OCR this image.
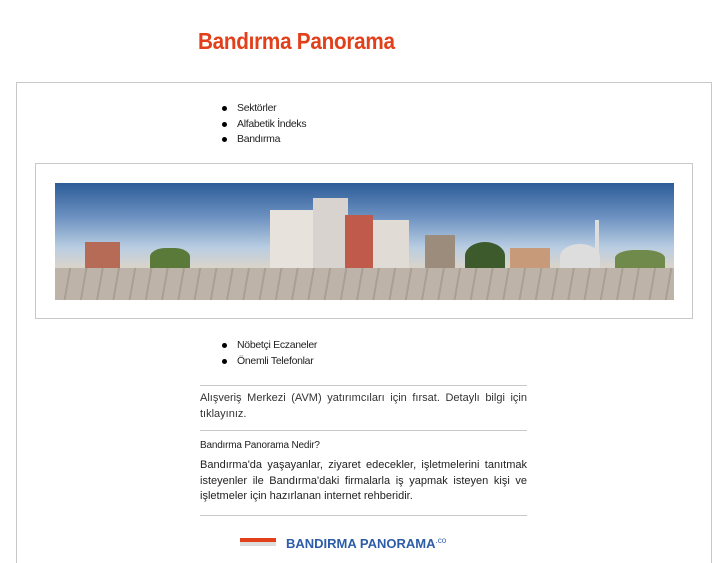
Bandırma Panorama
Sektörler
Alfabetik İndeks
Bandırma
Nöbetçi Eczaneler
Önemli Telefonlar
Alışveriş Merkezi (AVM) yatırımcıları için fırsat. Detaylı bilgi için tıklayınız.
Bandırma Panorama Nedir?
Bandırma'da yaşayanlar, ziyaret edecekler, işletmelerini tanıtmak isteyenler ile Bandırma'daki firmalarla iş yapmak isteyen kişi ve işletmeler için hazırlanan internet rehberidir.
BANDIRMA PANORAMA .co
